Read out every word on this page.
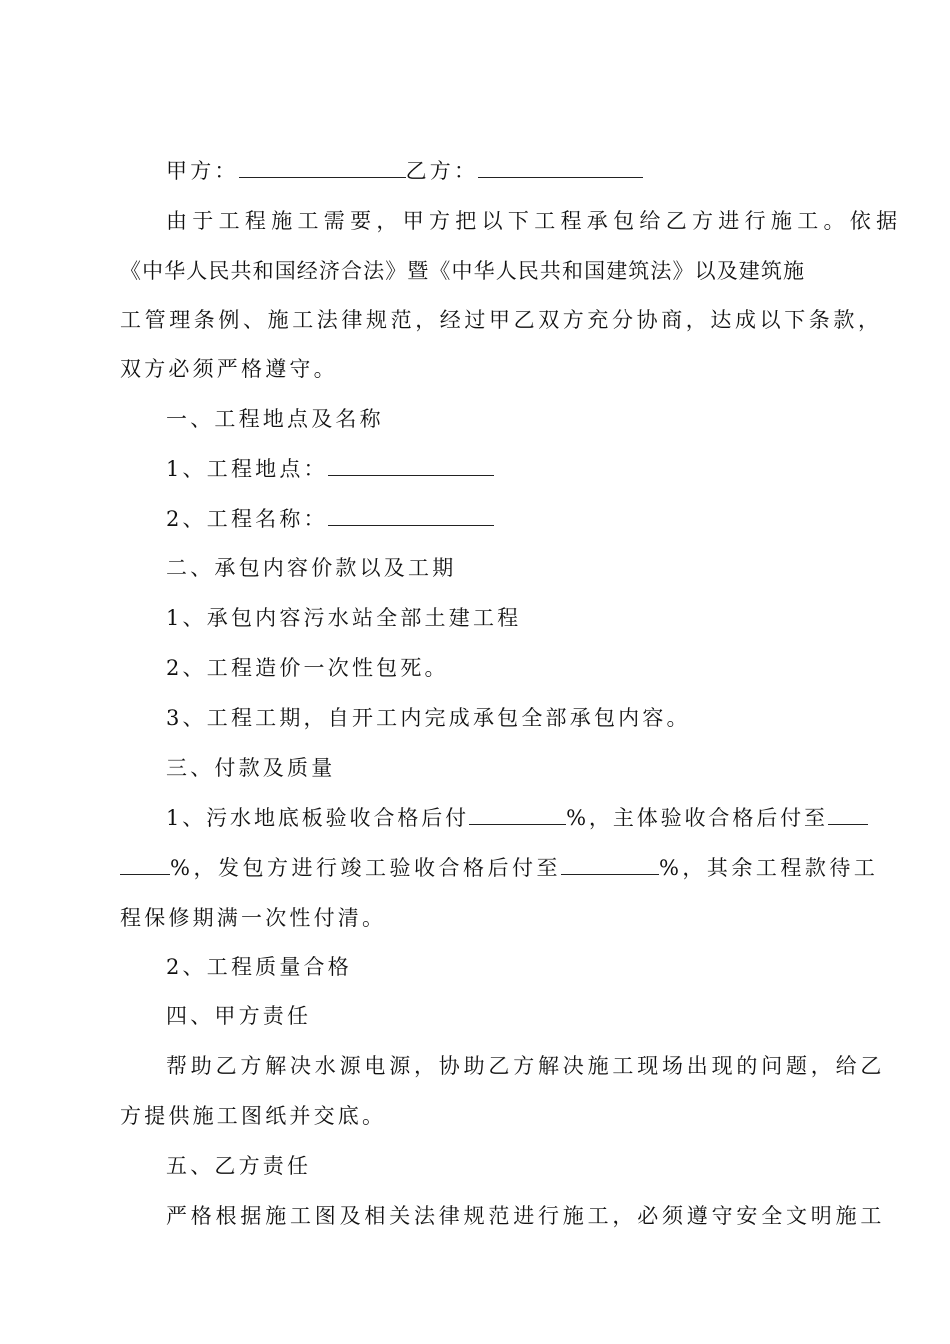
甲方：	乙方：
由于工程施工需要，甲方把以下工程承包给乙方进行施工。依据
《中华人民共和国经济合法》暨《中华人民共和国建筑法》以及建筑施
工管理条例、施工法律规范，经过甲乙双方充分协商，达成以下条款，
双方必须严格遵守。
一、工程地点及名称
1、工程地点：
2、工程名称：
二、承包内容价款以及工期
1、承包内容污水站全部土建工程
2、工程造价一次性包死。
3、工程工期，自开工内完成承包全部承包内容。
三、付款及质量
1、污水地底板验收合格后付	%，主体验收合格后付至
%，发包方进行竣工验收合格后付至	%，其余工程款待工
程保修期满一次性付清。
2、工程质量合格
四、甲方责任
帮助乙方解决水源电源，协助乙方解决施工现场出现的问题，给乙
方提供施工图纸并交底。
五、乙方责任
严格根据施工图及相关法律规范进行施工，必须遵守安全文明施工
